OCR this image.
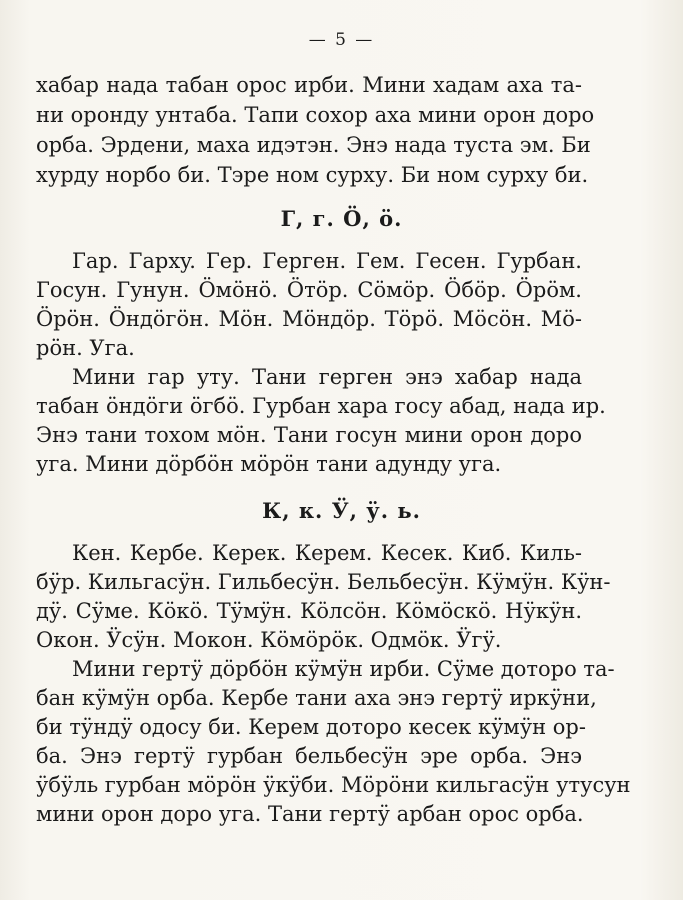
— 5 —
хабар нада табан орос ирби. Мини хадам аха та-
ни оронду унтаба. Тапи сохор аха мини орон доро
орба. Эрдени, маха идэтэн. Энэ нада туста эм. Би
хурду норбо би. Тэре ном сурху. Би ном сурху би.
Г, г. Ӧ, ӧ.
Гар. Гархy. Гер. Герген. Гем. Гесен. Гурбан.
Госун. Гунун. Ӧмӧнӧ. Ӧтӧр. Сӧмӧр. Ӧбӧр. Ӧрӧм.
Ӧрӧн. Ӧндӧгӧн. Мӧн. Мӧндӧр. Тӧрӧ. Мӧсӧн. Мӧ-
рӧн. Уга.
Мини гар уту. Тани герген энэ хабар нада
табан ӧндӧги ӧгбӧ. Гурбан хара госу абад, нада ир.
Энэ тани тохом мӧн. Тани госун мини орон доро
уга. Мини дӧрбӧн мӧрӧн тани адунду уга.
К, к. Ӱ, ӱ. ь.
Кен. Кербе. Керек. Керем. Кесек. Киб. Киль-
бӱр. Кильгасӱн. Гильбесӱн. Бельбесӱн. Кӱмӱн. Кӱн-
дӱ. Сӱме. Кӧкӧ. Тӱмӱн. Кӧлсӧн. Кӧмӧскӧ. Нӱкӱн.
Окон. Ӱсӱн. Мокон. Кӧмӧрӧк. Одмӧк. Ӱгӱ.
Мини гертӱ дӧрбӧн кӱмӱн ирби. Сӱме доторо та-
бан кӱмӱн орба. Кербе тани аха энэ гертӱ иркӱни,
би тӱндӱ одосу би. Керем доторо кесек кӱмӱн ор-
ба. Энэ гертӱ гурбан бельбесӱн эре орба. Энэ
ӱбӱль гурбан мӧрӧн ӱкӱби. Мӧрӧни кильгасӱн утусун
мини орон доро уга. Тани гертӱ арбан орос орба.
